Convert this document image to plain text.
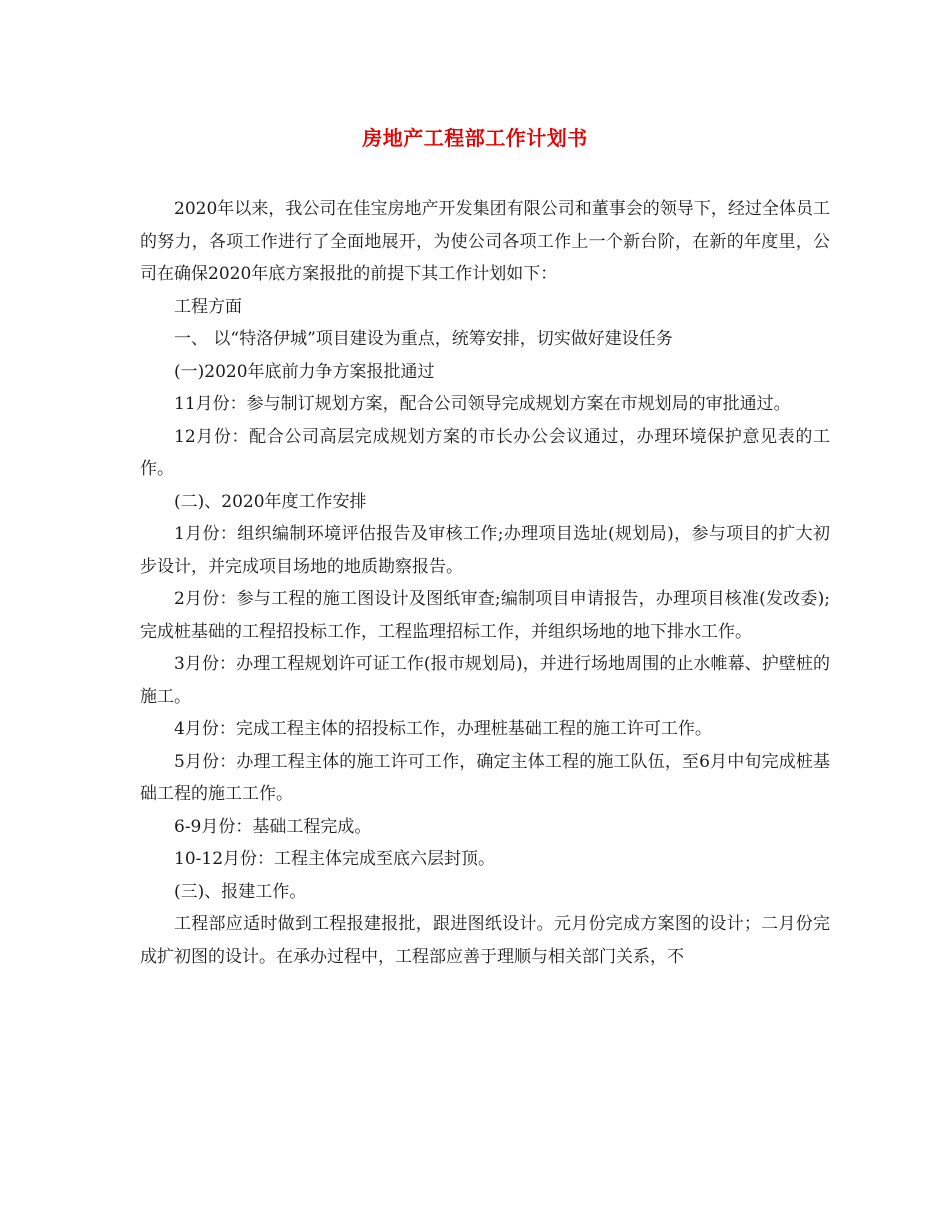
房地产工程部工作计划书

2020年以来，我公司在佳宝房地产开发集团有限公司和董事会的领导下，经过全体员工的努力，各项工作进行了全面地展开，为使公司各项工作上一个新台阶，在新的年度里，公司在确保2020年底方案报批的前提下其工作计划如下：

工程方面

一、 以“特洛伊城”项目建设为重点，统筹安排，切实做好建设任务

(一)2020年底前力争方案报批通过

11月份：参与制订规划方案，配合公司领导完成规划方案在市规划局的审批通过。

12月份：配合公司高层完成规划方案的市长办公会议通过，办理环境保护意见表的工作。

(二)、2020年度工作安排

1月份：组织编制环境评估报告及审核工作;办理项目选址(规划局)，参与项目的扩大初步设计，并完成项目场地的地质勘察报告。

2月份：参与工程的施工图设计及图纸审查;编制项目申请报告，办理项目核准(发改委);完成桩基础的工程招投标工作，工程监理招标工作，并组织场地的地下排水工作。

3月份：办理工程规划许可证工作(报市规划局)，并进行场地周围的止水帷幕、护壁桩的施工。

4月份：完成工程主体的招投标工作，办理桩基础工程的施工许可工作。

5月份：办理工程主体的施工许可工作，确定主体工程的施工队伍，至6月中旬完成桩基础工程的施工工作。

6-9月份：基础工程完成。

10-12月份：工程主体完成至底六层封顶。

(三)、报建工作。

工程部应适时做到工程报建报批，跟进图纸设计。元月份完成方案图的设计；二月份完成扩初图的设计。在承办过程中，工程部应善于理顺与相关部门关系，不
